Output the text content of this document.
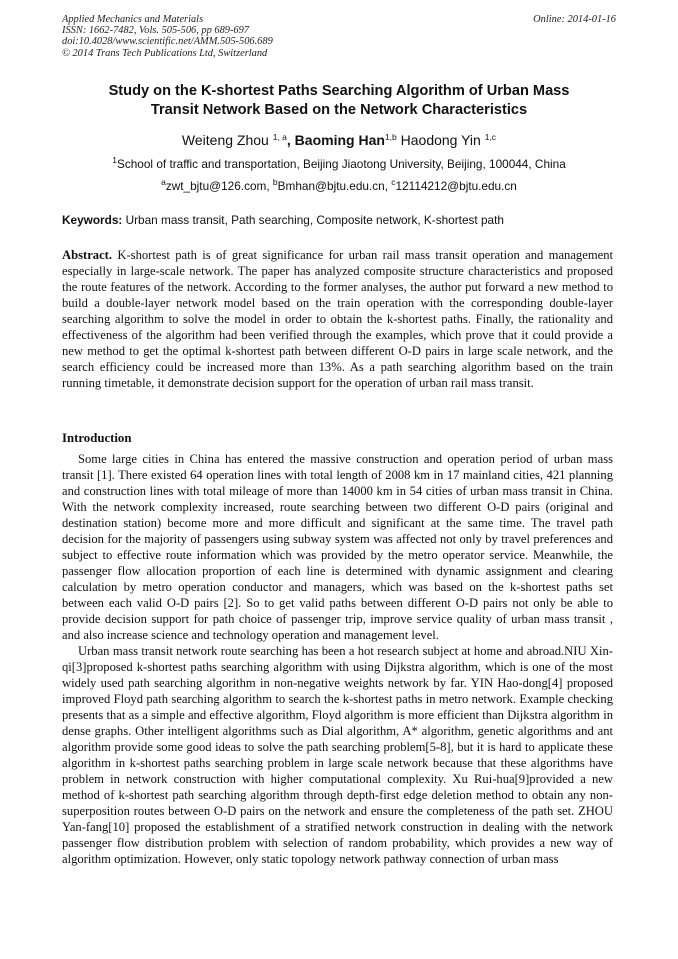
Applied Mechanics and Materials
ISSN: 1662-7482, Vols. 505-506, pp 689-697
doi:10.4028/www.scientific.net/AMM.505-506.689
© 2014 Trans Tech Publications Ltd, Switzerland
Online: 2014-01-16
Study on the K-shortest Paths Searching Algorithm of Urban Mass
Transit Network Based on the Network Characteristics
Weiteng Zhou $^{1, a}$, Baoming Han$^{1,b}$ Haodong Yin $^{1,c}$
$^1$School of traffic and transportation, Beijing Jiaotong University, Beijing, 100044, China
$^a$zwt_bjtu@126.com, $^b$Bmhan@bjtu.edu.cn, $^c$12114212@bjtu.edu.cn
Keywords: Urban mass transit, Path searching, Composite network, K-shortest path
Abstract. K-shortest path is of great significance for urban rail mass transit operation and management especially in large-scale network. The paper has analyzed composite structure characteristics and proposed the route features of the network. According to the former analyses, the author put forward a new method to build a double-layer network model based on the train operation with the corresponding double-layer searching algorithm to solve the model in order to obtain the k-shortest paths. Finally, the rationality and effectiveness of the algorithm had been verified through the examples, which prove that it could provide a new method to get the optimal k-shortest path between different O-D pairs in large scale network, and the search efficiency could be increased more than 13%. As a path searching algorithm based on the train running timetable, it demonstrate decision support for the operation of urban rail mass transit.
Introduction

Some large cities in China has entered the massive construction and operation period of urban mass transit [1]. There existed 64 operation lines with total length of 2008 km in 17 mainland cities, 421 planning and construction lines with total mileage of more than 14000 km in 54 cities of urban mass transit in China. With the network complexity increased, route searching between two different O-D pairs (original and destination station) become more and more difficult and significant at the same time. The travel path decision for the majority of passengers using subway system was affected not only by travel preferences and subject to effective route information which was provided by the metro operator service. Meanwhile, the passenger flow allocation proportion of each line is determined with dynamic assignment and clearing calculation by metro operation conductor and managers, which was based on the k-shortest paths set between each valid O-D pairs [2]. So to get valid paths between different O-D pairs not only be able to provide decision support for path choice of passenger trip, improve service quality of urban mass transit , and also increase science and technology operation and management level.

Urban mass transit network route searching has been a hot research subject at home and abroad.NIU Xin-qi[3]proposed k-shortest paths searching algorithm with using Dijkstra algorithm, which is one of the most widely used path searching algorithm in non-negative weights network by far. YIN Hao-dong[4] proposed improved Floyd path searching algorithm to search the k-shortest paths in metro network. Example checking presents that as a simple and effective algorithm, Floyd algorithm is more efficient than Dijkstra algorithm in dense graphs. Other intelligent algorithms such as Dial algorithm, A* algorithm, genetic algorithms and ant algorithm provide some good ideas to solve the path searching problem[5-8], but it is hard to applicate these algorithm in k-shortest paths searching problem in large scale network because that these algorithms have problem in network construction with higher computational complexity. Xu Rui-hua[9]provided a new method of k-shortest path searching algorithm through depth-first edge deletion method to obtain any non-superposition routes between O-D pairs on the network and ensure the completeness of the path set. ZHOU Yan-fang[10] proposed the establishment of a stratified network construction in dealing with the network passenger flow distribution problem with selection of random probability, which provides a new way of algorithm optimization. However, only static topology network pathway connection of urban mass
